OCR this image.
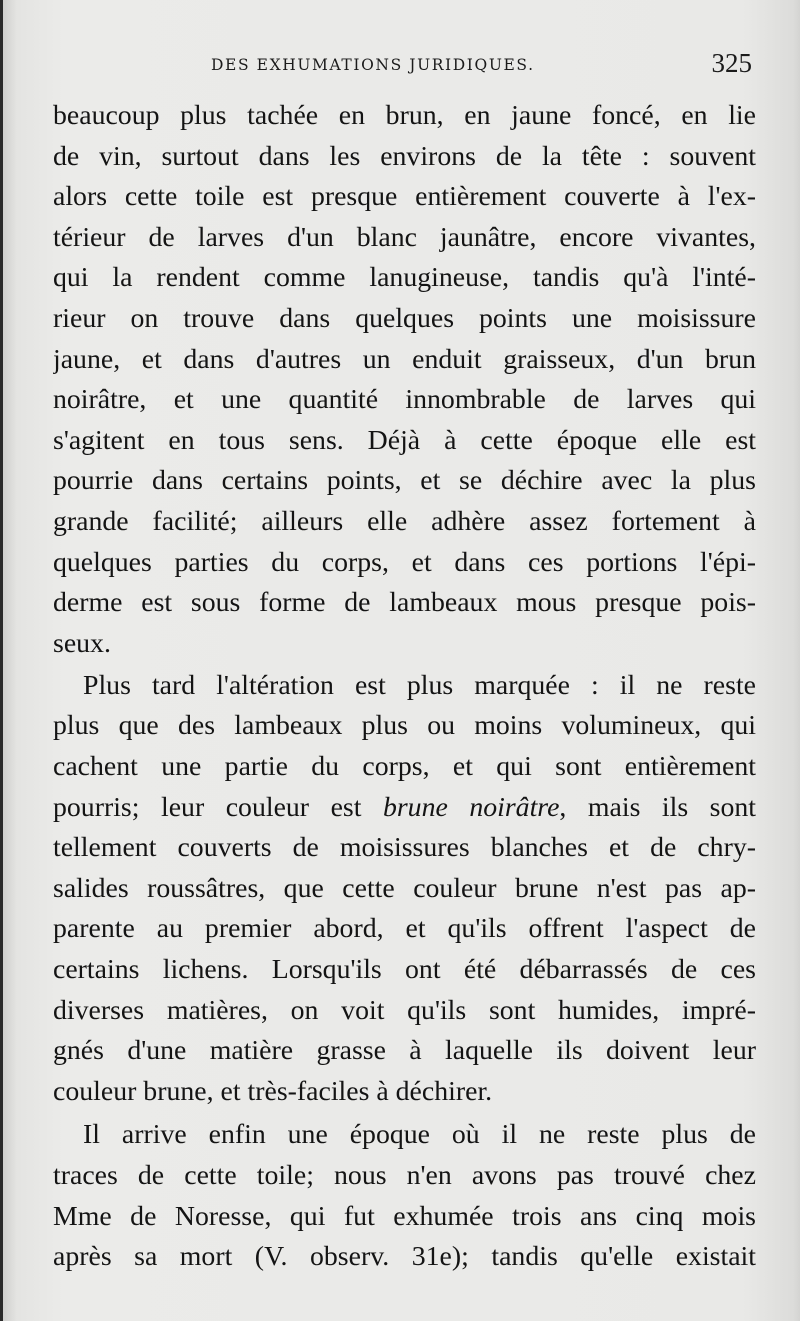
DES EXHUMATIONS JURIDIQUES.	325
beaucoup plus tachée en brun, en jaune foncé, en lie
de vin, surtout dans les environs de la tête : souvent
alors cette toile est presque entièrement couverte à l'ex-
térieur de larves d'un blanc jaunâtre, encore vivantes,
qui la rendent comme lanugineuse, tandis qu'à l'inté-
rieur on trouve dans quelques points une moisissure
jaune, et dans d'autres un enduit graisseux, d'un brun
noirâtre, et une quantité innombrable de larves qui
s'agitent en tous sens. Déjà à cette époque elle est
pourrie dans certains points, et se déchire avec la plus
grande facilité; ailleurs elle adhère assez fortement à
quelques parties du corps, et dans ces portions l'épi-
derme est sous forme de lambeaux mous presque pois-
seux.
Plus tard l'altération est plus marquée : il ne reste
plus que des lambeaux plus ou moins volumineux, qui
cachent une partie du corps, et qui sont entièrement
pourris; leur couleur est brune noirâtre, mais ils sont
tellement couverts de moisissures blanches et de chry-
salides roussâtres, que cette couleur brune n'est pas ap-
parente au premier abord, et qu'ils offrent l'aspect de
certains lichens. Lorsqu'ils ont été débarrassés de ces
diverses matières, on voit qu'ils sont humides, impré-
gnés d'une matière grasse à laquelle ils doivent leur
couleur brune, et très-faciles à déchirer.
Il arrive enfin une époque où il ne reste plus de
traces de cette toile; nous n'en avons pas trouvé chez
Mme de Noresse, qui fut exhumée trois ans cinq mois
après sa mort (V. observ. 31e); tandis qu'elle existait
